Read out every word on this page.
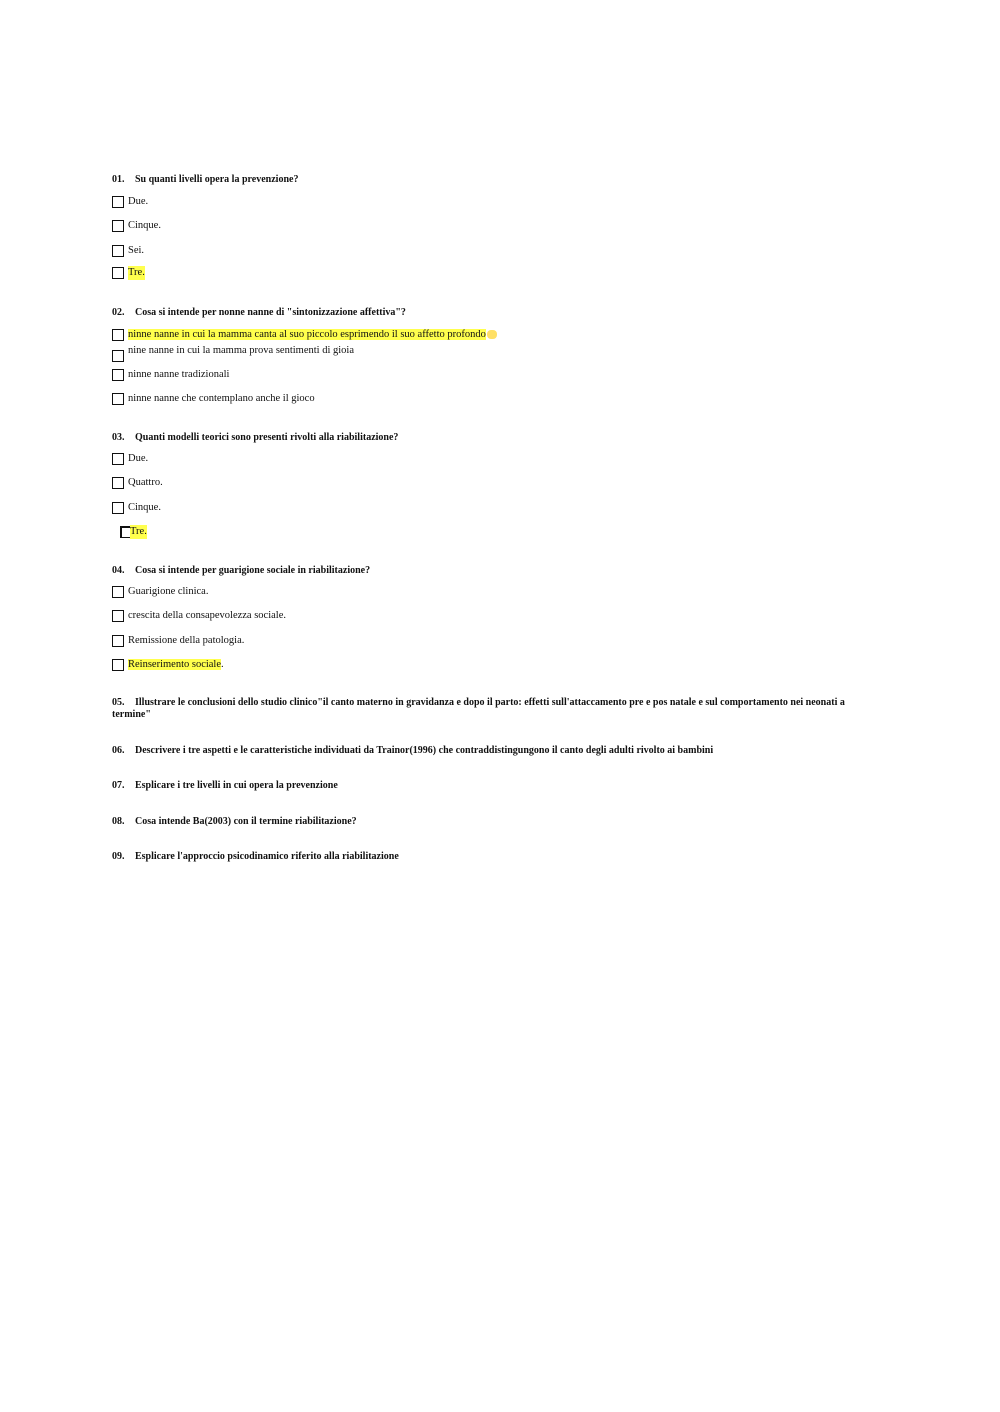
01. Su quanti livelli opera la prevenzione?
Due.
Cinque.
Sei.
Tre.
02. Cosa si intende per nonne nanne di "sintonizzazione affettiva"?
ninne nanne in cui la mamma canta al suo piccolo esprimendo il suo affetto profondo
nine nanne in cui la mamma prova sentimenti di gioia
ninne nanne tradizionali
ninne nanne che contemplano anche il gioco
03. Quanti modelli teorici sono presenti rivolti alla riabilitazione?
Due.
Quattro.
Cinque.
Tre.
04. Cosa si intende per guarigione sociale in riabilitazione?
Guarigione clinica.
crescita della consapevolezza sociale.
Remissione della patologia.
Reinserimento sociale.
05. Illustrare le conclusioni dello studio clinico"il canto materno in gravidanza e dopo il parto: effetti sull'attaccamento pre e pos natale e sul comportamento nei neonati a termine"
06. Descrivere i tre aspetti e le caratteristiche individuati da Trainor(1996) che contraddistingungono il canto degli adulti rivolto ai bambini
07. Esplicare i tre livelli in cui opera la prevenzione
08. Cosa intende Ba(2003) con il termine riabilitazione?
09. Esplicare l'approccio psicodinamico riferito alla riabilitazione
